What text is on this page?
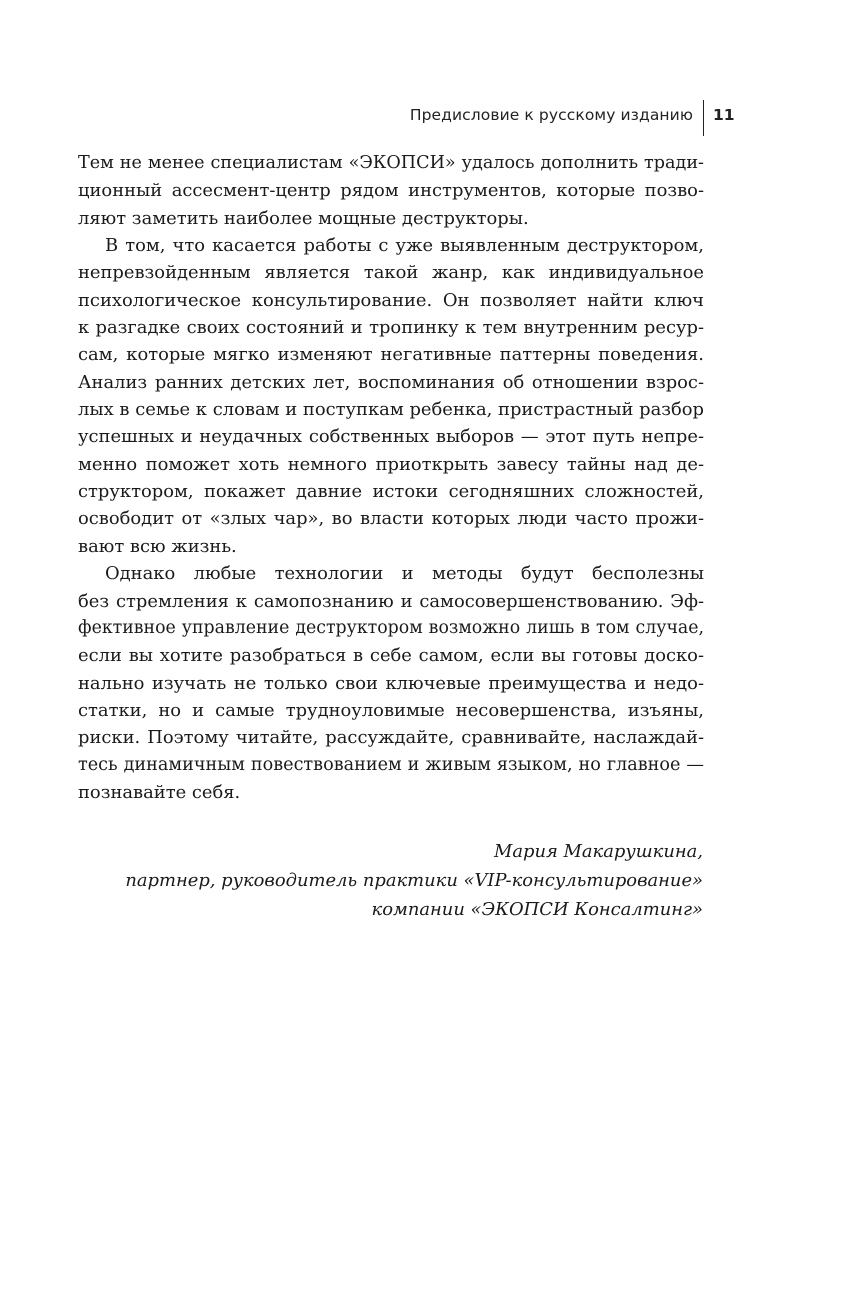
Предисловие к русскому изданию 11

Тем не менее специалистам «ЭКОПСИ» удалось дополнить тради-
ционный ассесмент-центр рядом инструментов, которые позво-
ляют заметить наиболее мощные деструкторы.

В том, что касается работы с уже выявленным деструктором,
непревзойденным является такой жанр, как индивидуальное
психологическое консультирование. Он позволяет найти ключ
к разгадке своих состояний и тропинку к тем внутренним ресур-
сам, которые мягко изменяют негативные паттерны поведения.
Анализ ранних детских лет, воспоминания об отношении взрос-
лых в семье к словам и поступкам ребенка, пристрастный разбор
успешных и неудачных собственных выборов — этот путь непре-
менно поможет хоть немного приоткрыть завесу тайны над де-
структором, покажет давние истоки сегодняшних сложностей,
освободит от «злых чар», во власти которых люди часто прожи-
вают всю жизнь.

Однако любые технологии и методы будут бесполезны
без стремления к самопознанию и самосовершенствованию. Эф-
фективное управление деструктором возможно лишь в том случае,
если вы хотите разобраться в себе самом, если вы готовы доско-
нально изучать не только свои ключевые преимущества и недо-
статки, но и самые трудноуловимые несовершенства, изъяны,
риски. Поэтому читайте, рассуждайте, сравнивайте, наслаждай-
тесь динамичным повествованием и живым языком, но главное —
познавайте себя.

Мария Макарушкина,
партнер, руководитель практики «VIP-консультирование»
компании «ЭКОПСИ Консалтинг»
